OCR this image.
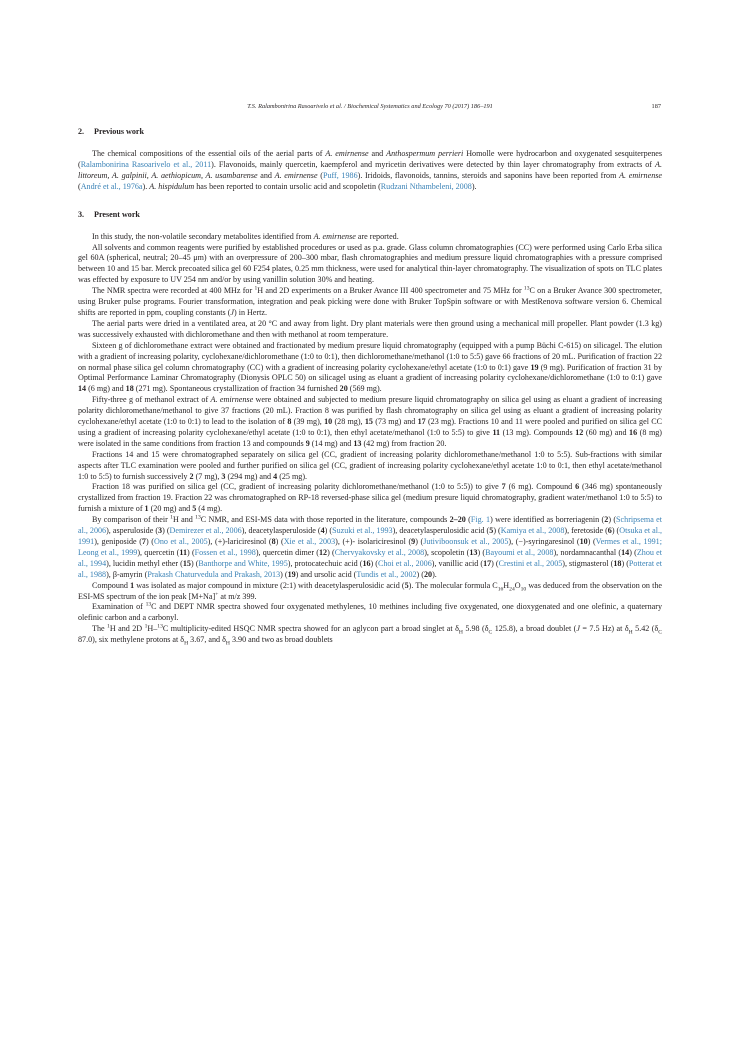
T.S. Ralambonirina Rasoarivelo et al. / Biochemical Systematics and Ecology 70 (2017) 186–191	187
2. Previous work

The chemical compositions of the essential oils of the aerial parts of A. emirnense and Anthospermum perrieri Homolle were hydrocarbon and oxygenated sesquiterpenes (Ralambonirina Rasoarivelo et al., 2011). Flavonoids, mainly quercetin, kaempferol and myricetin derivatives were detected by thin layer chromatography from extracts of A. littoreum, A. galpinii, A. aethiopicum, A. usambarense and A. emirnense (Puff, 1986). Iridoids, flavonoids, tannins, steroids and saponins have been reported from A. emirnense (André et al., 1976a). A. hispidulum has been reported to contain ursolic acid and scopoletin (Rudzani Nthambeleni, 2008).

3. Present work

In this study, the non-volatile secondary metabolites identified from A. emirnense are reported.

All solvents and common reagents were purified by established procedures or used as p.a. grade. Glass column chromatographies (CC) were performed using Carlo Erba silica gel 60A (spherical, neutral; 20–45 μm) with an overpressure of 200–300 mbar, flash chromatographies and medium pressure liquid chromatographies with a pressure comprised between 10 and 15 bar. Merck precoated silica gel 60 F254 plates, 0.25 mm thickness, were used for analytical thin-layer chromatography. The visualization of spots on TLC plates was effected by exposure to UV 254 nm and/or by using vanillin solution 30% and heating.

The NMR spectra were recorded at 400 MHz for $^1$H and 2D experiments on a Bruker Avance III 400 spectrometer and 75 MHz for $^{13}$C on a Bruker Avance 300 spectrometer, using Bruker pulse programs. Fourier transformation, integration and peak picking were done with Bruker TopSpin software or with MestRenova software version 6. Chemical shifts are reported in ppm, coupling constants (J) in Hertz.

The aerial parts were dried in a ventilated area, at 20 °C and away from light. Dry plant materials were then ground using a mechanical mill propeller. Plant powder (1.3 kg) was successively exhausted with dichloromethane and then with methanol at room temperature.

Sixteen g of dichloromethane extract were obtained and fractionated by medium presure liquid chromatography (equipped with a pump Büchi C-615) on silicagel. The elution with a gradient of increasing polarity, cyclohexane/dichloromethane (1:0 to 0:1), then dichloromethane/methanol (1:0 to 5:5) gave 66 fractions of 20 mL. Purification of fraction 22 on normal phase silica gel column chromatography (CC) with a gradient of increasing polarity cyclohexane/ethyl acetate (1:0 to 0:1) gave 19 (9 mg). Purification of fraction 31 by Optimal Performance Laminar Chromatography (Dionysis OPLC 50) on silicagel using as eluant a gradient of increasing polarity cyclohexane/dichloromethane (1:0 to 0:1) gave 14 (6 mg) and 18 (271 mg). Spontaneous crystallization of fraction 34 furnished 20 (569 mg).

Fifty-three g of methanol extract of A. emirnense were obtained and subjected to medium presure liquid chromatography on silica gel using as eluant a gradient of increasing polarity dichloromethane/methanol to give 37 fractions (20 mL). Fraction 8 was purified by flash chromatography on silica gel using as eluant a gradient of increasing polarity cyclohexane/ethyl acetate (1:0 to 0:1) to lead to the isolation of 8 (39 mg), 10 (28 mg), 15 (73 mg) and 17 (23 mg). Fractions 10 and 11 were pooled and purified on silica gel CC using a gradient of increasing polarity cyclohexane/ethyl acetate (1:0 to 0:1), then ethyl acetate/methanol (1:0 to 5:5) to give 11 (13 mg). Compounds 12 (60 mg) and 16 (8 mg) were isolated in the same conditions from fraction 13 and compounds 9 (14 mg) and 13 (42 mg) from fraction 20.

Fractions 14 and 15 were chromatographed separately on silica gel (CC, gradient of increasing polarity dichloromethane/methanol 1:0 to 5:5). Sub-fractions with similar aspects after TLC examination were pooled and further purified on silica gel (CC, gradient of increasing polarity cyclohexane/ethyl acetate 1:0 to 0:1, then ethyl acetate/methanol 1:0 to 5:5) to furnish successively 2 (7 mg), 3 (294 mg) and 4 (25 mg).

Fraction 18 was purified on silica gel (CC, gradient of increasing polarity dichloromethane/methanol (1:0 to 5:5)) to give 7 (6 mg). Compound 6 (346 mg) spontaneously crystallized from fraction 19. Fraction 22 was chromatographed on RP-18 reversed-phase silica gel (medium presure liquid chromatography, gradient water/methanol 1:0 to 5:5) to furnish a mixture of 1 (20 mg) and 5 (4 mg).

By comparison of their $^1$H and $^{13}$C NMR, and ESI-MS data with those reported in the literature, compounds 2–20 (Fig. 1) were identified as borreriagenin (2) (Schripsema et al., 2006), asperuloside (3) (Demirezer et al., 2006), deacetylasperuloside (4) (Suzuki et al., 1993), deacetylasperulosidic acid (5) (Kamiya et al., 2008), feretoside (6) (Otsuka et al., 1991), geniposide (7) (Ono et al., 2005), (+)-lariciresinol (8) (Xie et al., 2003), (+)- isolariciresinol (9) (Jutiviboonsuk et al., 2005), (−)-syringaresinol (10) (Vermes et al., 1991; Leong et al., 1999), quercetin (11) (Fossen et al., 1998), quercetin dimer (12) (Chervyakovsky et al., 2008), scopoletin (13) (Bayoumi et al., 2008), nordamnacanthal (14) (Zhou et al., 1994), lucidin methyl ether (15) (Banthorpe and White, 1995), protocatechuic acid (16) (Choi et al., 2006), vanillic acid (17) (Crestini et al., 2005), stigmasterol (18) (Potterat et al., 1988), β-amyrin (Prakash Chaturvedula and Prakash, 2013) (19) and ursolic acid (Tundis et al., 2002) (20).

Compound 1 was isolated as major compound in mixture (2:1) with deacetylasperulosidic acid (5). The molecular formula $C_{16}H_{24}O_{10}$ was deduced from the observation on the ESI-MS spectrum of the ion peak [M+Na]+ at m/z 399.

Examination of $^{13}$C and DEPT NMR spectra showed four oxygenated methylenes, 10 methines including five oxygenated, one dioxygenated and one olefinic, a quaternary olefinic carbon and a carbonyl.

The $^1$H and 2D $^1$H–$^{13}$C multiplicity-edited HSQC NMR spectra showed for an aglycon part a broad singlet at $\delta_H$ 5.98 ($\delta_C$ 125.8), a broad doublet (J = 7.5 Hz) at $\delta_H$ 5.42 ($\delta_C$ 87.0), six methylene protons at $\delta_H$ 3.67, and $\delta_H$ 3.90 and two as broad doublets
